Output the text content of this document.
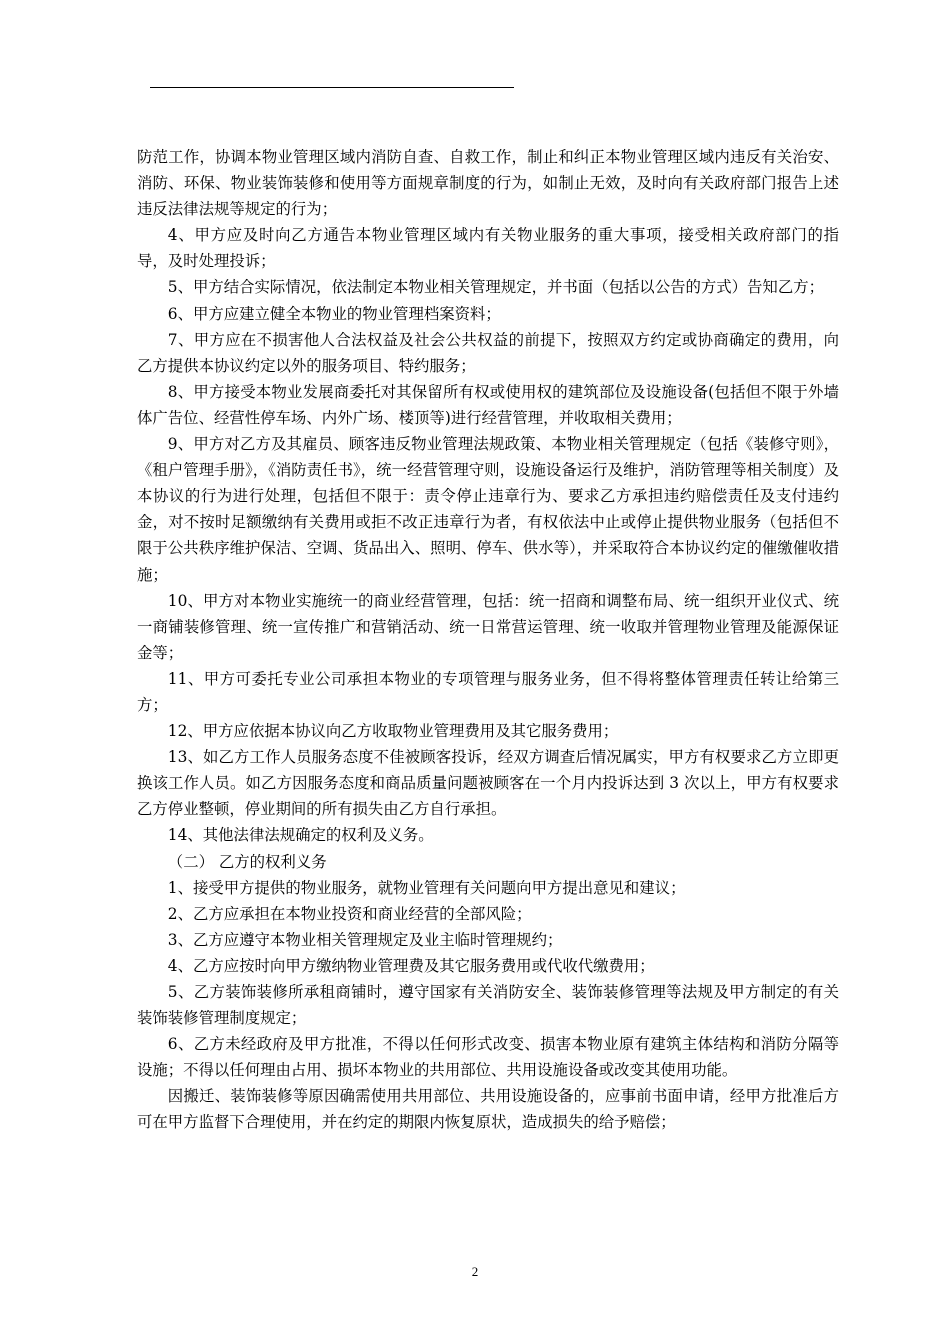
防范工作，协调本物业管理区域内消防自查、自救工作，制止和纠正本物业管理区域内违反有关治安、消防、环保、物业装饰装修和使用等方面规章制度的行为，如制止无效，及时向有关政府部门报告上述违反法律法规等规定的行为；

4、甲方应及时向乙方通告本物业管理区域内有关物业服务的重大事项，接受相关政府部门的指导，及时处理投诉；

5、甲方结合实际情况，依法制定本物业相关管理规定，并书面（包括以公告的方式）告知乙方；

6、甲方应建立健全本物业的物业管理档案资料；

7、甲方应在不损害他人合法权益及社会公共权益的前提下，按照双方约定或协商确定的费用，向乙方提供本协议约定以外的服务项目、特约服务；

8、甲方接受本物业发展商委托对其保留所有权或使用权的建筑部位及设施设备(包括但不限于外墙体广告位、经营性停车场、内外广场、楼顶等)进行经营管理，并收取相关费用；

9、甲方对乙方及其雇员、顾客违反物业管理法规政策、本物业相关管理规定（包括《装修守则》，《租户管理手册》，《消防责任书》，统一经营管理守则，设施设备运行及维护，消防管理等相关制度）及本协议的行为进行处理，包括但不限于：责令停止违章行为、要求乙方承担违约赔偿责任及支付违约金，对不按时足额缴纳有关费用或拒不改正违章行为者，有权依法中止或停止提供物业服务（包括但不限于公共秩序维护保洁、空调、货品出入、照明、停车、供水等），并采取符合本协议约定的催缴催收措施；

10、甲方对本物业实施统一的商业经营管理，包括：统一招商和调整布局、统一组织开业仪式、统一商铺装修管理、统一宣传推广和营销活动、统一日常营运管理、统一收取并管理物业管理及能源保证金等；

11、甲方可委托专业公司承担本物业的专项管理与服务业务，但不得将整体管理责任转让给第三方；

12、甲方应依据本协议向乙方收取物业管理费用及其它服务费用；

13、如乙方工作人员服务态度不佳被顾客投诉，经双方调查后情况属实，甲方有权要求乙方立即更换该工作人员。如乙方因服务态度和商品质量问题被顾客在一个月内投诉达到 3 次以上，甲方有权要求乙方停业整顿，停业期间的所有损失由乙方自行承担。

14、其他法律法规确定的权利及义务。

（二） 乙方的权利义务

1、接受甲方提供的物业服务，就物业管理有关问题向甲方提出意见和建议；

2、乙方应承担在本物业投资和商业经营的全部风险；

3、乙方应遵守本物业相关管理规定及业主临时管理规约；

4、乙方应按时向甲方缴纳物业管理费及其它服务费用或代收代缴费用；

5、乙方装饰装修所承租商铺时，遵守国家有关消防安全、装饰装修管理等法规及甲方制定的有关装饰装修管理制度规定；

6、乙方未经政府及甲方批准，不得以任何形式改变、损害本物业原有建筑主体结构和消防分隔等设施；不得以任何理由占用、损坏本物业的共用部位、共用设施设备或改变其使用功能。

因搬迁、装饰装修等原因确需使用共用部位、共用设施设备的，应事前书面申请，经甲方批准后方可在甲方监督下合理使用，并在约定的期限内恢复原状，造成损失的给予赔偿；

2
